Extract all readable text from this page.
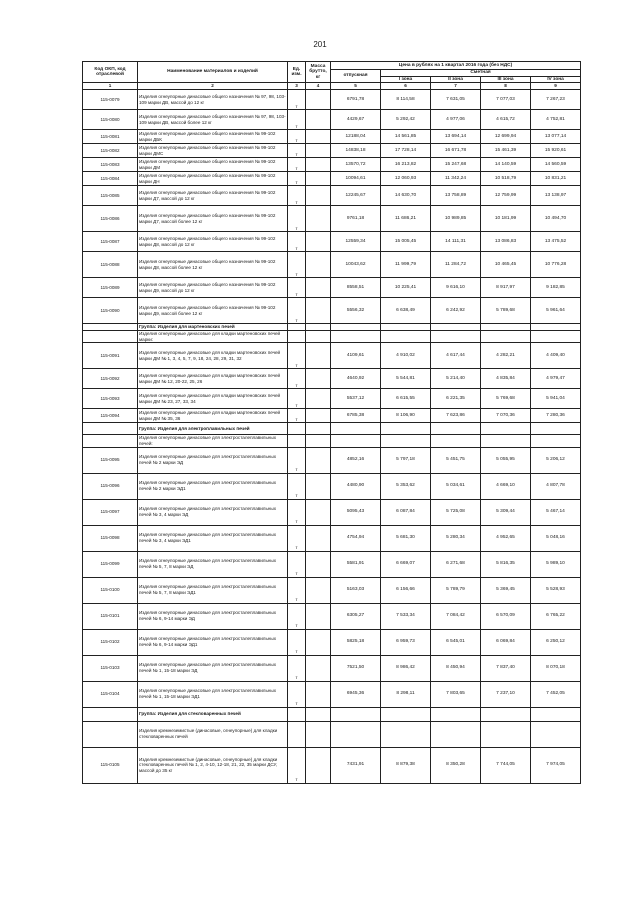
201
Код ОКП, код отраслевой	Наименование материалов и изделий	Ед. изм.	Масса брутто, кг	Цена в рублях на 1 квартал 2016 года (без НДС)				
				отпускная	Сметная			
					I зона	II зона	III зона	IV зона
1	2	3	4	5	6	7	8	9
115-0079	Изделия огнеупорные динасовые общего назначения № 97, 98, 103-109 марки ДВ, массой до 12 кг	т		6791,78	8 114,58	7 631,05	7 077,03	7 267,23
115-0080	Изделия огнеупорные динасовые общего назначения № 97, 98, 103-109 марки ДВ, массой более 12 кг	т		4429,67	5 292,42	4 977,06	4 615,72	4 752,81
115-0081	Изделия огнеупорные динасовые общего назначения № 99-102 марки ДБК	т		12188,04	14 561,85	13 694,14	12 699,94	13 077,14
115-0082	Изделия огнеупорные динасовые общего назначения № 99-102 марки ДМС	т		14838,18	17 728,14	16 671,78	15 461,39	15 920,61
115-0083	Изделия огнеупорные динасовые общего назначения № 99-102 марки ДМ	т		13570,72	16 213,82	15 247,68	14 140,59	14 560,59
115-0084	Изделия огнеупорные динасовые общего назначения № 99-102 марки ДН	т		10094,61	12 060,93	11 342,24	10 518,79	10 831,21
115-0085	Изделия огнеупорные динасовые общего назначения № 99-102 марки Д7, массой до 12 кг	т		12245,67	14 630,70	13 758,89	12 759,99	13 138,97
115-0086	Изделия огнеупорные динасовые общего назначения № 99-102 марки Д7, массой более 12 кг	т		9761,18	11 686,21	10 989,85	10 181,99	10 494,70
115-0087	Изделия огнеупорные динасовые общего назначения № 99-102 марки Д8, массой до 12 кг	т		12559,34	15 005,45	14 111,31	13 086,83	13 475,52
115-0088	Изделия огнеупорные динасовые общего назначения № 99-102 марки Д8, массой более 12 кг	т		10043,62	11 999,79	11 284,72	10 465,45	10 776,28
115-0089	Изделия огнеупорные динасовые общего назначения № 99-102 марки Д9, массой до 12 кг	т		8558,51	10 225,41	9 616,10	8 917,97	9 182,85
115-0090	Изделия огнеупорные динасовые общего назначения № 99-102 марки Д9, массой более 12 кг	т		5556,32	6 638,49	6 242,92	5 789,68	5 961,64
	Группа: Изделия для мартеновских печей							
	Изделия огнеупорные динасовые для кладки мартеновских печей марки:							
115-0091	Изделия огнеупорные динасовые для кладки мартеновских печей марки ДМ № 1, 3, 4, 5, 7, 9, 18, 24, 28, 29, 31, 32	т		4109,61	4 910,02	4 617,44	4 282,21	4 409,40
115-0092	Изделия огнеупорные динасовые для кладки мартеновских печей марки ДМ № 12, 20-22, 25, 26	т		4640,92	5 544,81	5 214,40	4 835,84	4 979,47
115-0093	Изделия огнеупорные динасовые для кладки мартеновских печей марки ДМ № 23, 27, 33, 34	т		5537,12	6 615,55	6 221,35	5 769,68	5 941,04
115-0094	Изделия огнеупорные динасовые для кладки мартеновских печей марки ДМ № 35, 36	т		6785,38	8 106,90	7 623,86	7 070,36	7 280,36
	Группа: Изделия для электроплавильных печей							
	Изделия огнеупорные динасовые для электросталеплавильных печей:							
115-0095	Изделия огнеупорные динасовые для электросталеплавильных печей № 2 марки ЭД	т		4852,16	5 797,18	5 451,75	5 055,95	5 206,12
115-0096	Изделия огнеупорные динасовые для электросталеплавильных печей № 2 марки ЭД1	т		4480,90	5 353,62	5 034,61	4 669,10	4 807,78
115-0097	Изделия огнеупорные динасовые для электросталеплавильных печей № 3, 4 марки ЭД	т		5095,43	6 087,84	5 725,08	5 309,44	5 467,14
115-0098	Изделия огнеупорные динасовые для электросталеплавильных печей № 3, 4 марки ЭД1	т		4754,94	5 681,30	5 280,34	4 952,65	5 048,16
115-0099	Изделия огнеупорные динасовые для электросталеплавильных печей № 5, 7, 8 марки ЭД	т		5581,91	6 669,07	6 271,68	5 816,35	5 989,10
115-0100	Изделия огнеупорные динасовые для электросталеплавильных печей № 5, 7, 8 марки ЭД1	т		5163,03	6 156,66	5 789,79	5 369,45	5 528,93
115-0101	Изделия огнеупорные динасовые для электросталеплавильных печей № 6, 9-14 марки ЭД	т		6305,27	7 533,34	7 084,42	6 570,09	6 765,22
115-0102	Изделия огнеупорные динасовые для электросталеплавильных печей № 6, 9-14 марки ЭД1	т		5825,18	6 959,73	6 545,01	6 069,84	6 250,12
115-0103	Изделия огнеупорные динасовые для электросталеплавильных печей № 1, 15-18 марки ЭД	т		7521,50	8 986,42	8 450,94	7 837,40	8 070,18
115-0104	Изделия огнеупорные динасовые для электросталеплавильных печей № 1, 15-18 марки ЭД1	т		6945,36	8 298,11	7 803,65	7 237,10	7 452,05
	Группа: Изделия для стекловаренных печей							
	Изделия кремнеземистые (динасовые, огнеупорные) для кладки стекловаренных печей							
115-0105	Изделия кремнеземистые (динасовые, огнеупорные) для кладки стекловаренных печей № 1, 2, 4-10, 12-18, 21, 22, 35 марки ДСУ, массой до 35 кг	т		7431,91	8 879,38	8 350,28	7 744,05	7 974,05
